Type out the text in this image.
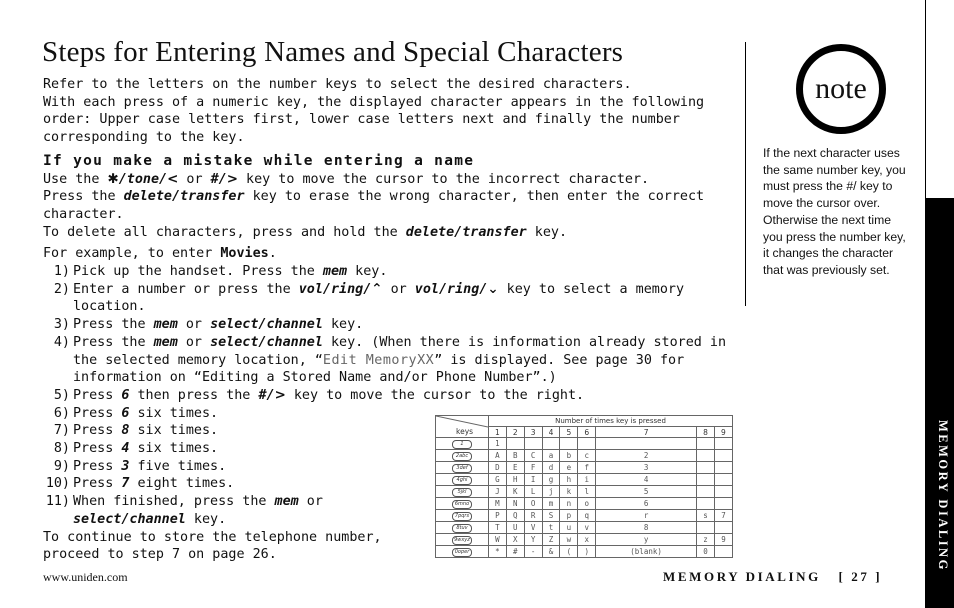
Steps for Entering Names and Special Characters

Refer to the letters on the number keys to select the desired characters.

With each press of a numeric key, the displayed character appears in the following order: Upper case letters first, lower case letters next and finally the number corresponding to the key.

If you make a mistake while entering a name

Use the ✱/tone/< or #/> key to move the cursor to the incorrect character.

Press the delete/transfer key to erase the wrong character, then enter the correct character.

To delete all characters, press and hold the delete/transfer key.

For example, to enter Movies.

1) Pick up the handset. Press the mem key.
2) Enter a number or press the vol/ring/⌃ or vol/ring/⌄ key to select a memory location.
3) Press the mem or select/channel key.
4) Press the mem or select/channel key. (When there is information already stored in the selected memory location, “Edit MemoryXX” is displayed. See page 30 for information on “Editing a Stored Name and/or Phone Number”.)
5) Press 6 then press the #/> key to move the cursor to the right.
6) Press 6 six times.
7) Press 8 six times.
8) Press 4 six times.
9) Press 3 five times.
10) Press 7 eight times.
11) When finished, press the mem or select/channel key.

To continue to store the telephone number, proceed to step 7 on page 26.

keys	Number of times key is pressed								
	1	2	3	4	5	6	7	8	9
1	1								
2abc	A	B	C	a	b	c	2		
3def	D	E	F	d	e	f	3		
4ghi	G	H	I	g	h	i	4		
5jkl	J	K	L	j	k	l	5		
6mno	M	N	O	m	n	o	6		
7pqrs	P	Q	R	S	p	q	r	s	7
8tuv	T	U	V	t	u	v	8		
9wxyz	W	X	Y	Z	w	x	y	z	9
0oper	*	#	-	&	(	)	(blank)	0	
note
If the next character uses the same number key, you must press the #/ key to move the cursor over. Otherwise the next time you press the number key, it changes the character that was previously set.
MEMORY DIALING
www.uniden.com	MEMORY DIALING [ 27 ]
